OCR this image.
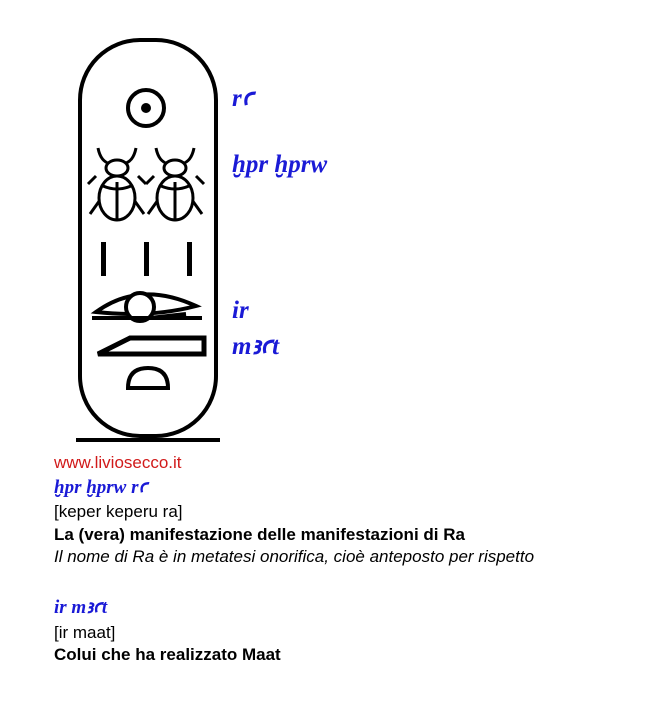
rꜥ
ḫpr ḫprw
ir
mꜣꜥt
www.liviosecco.it
ḫpr ḫprw rꜥ
[keper keperu ra]
La (vera) manifestazione delle manifestazioni di Ra
Il nome di Ra è in metatesi onorifica, cioè anteposto per rispetto
ir mꜣꜥt
[ir maat]
Colui che ha realizzato Maat
